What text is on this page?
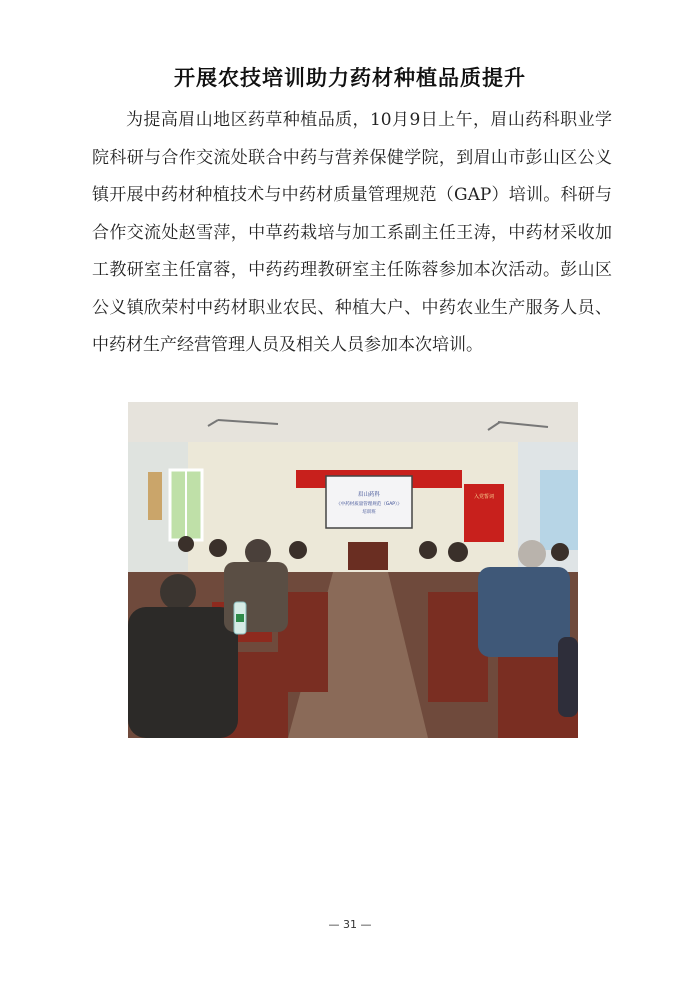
开展农技培训助力药材种植品质提升

为提高眉山地区药草种植品质，10月9日上午，眉山药科职业学院科研与合作交流处联合中药与营养保健学院，到眉山市彭山区公义镇开展中药材种植技术与中药材质量管理规范（GAP）培训。科研与合作交流处赵雪萍，中草药栽培与加工系副主任王涛，中药材采收加工教研室主任富蓉，中药药理教研室主任陈蓉参加本次活动。彭山区公义镇欣荣村中药材职业农民、种植大户、中药农业生产服务人员、中药材生产经营管理人员及相关人员参加本次培训。

眉山药科
《中药材质量管理规范（GAP）》
培训班
入党誓词
— 31 —
